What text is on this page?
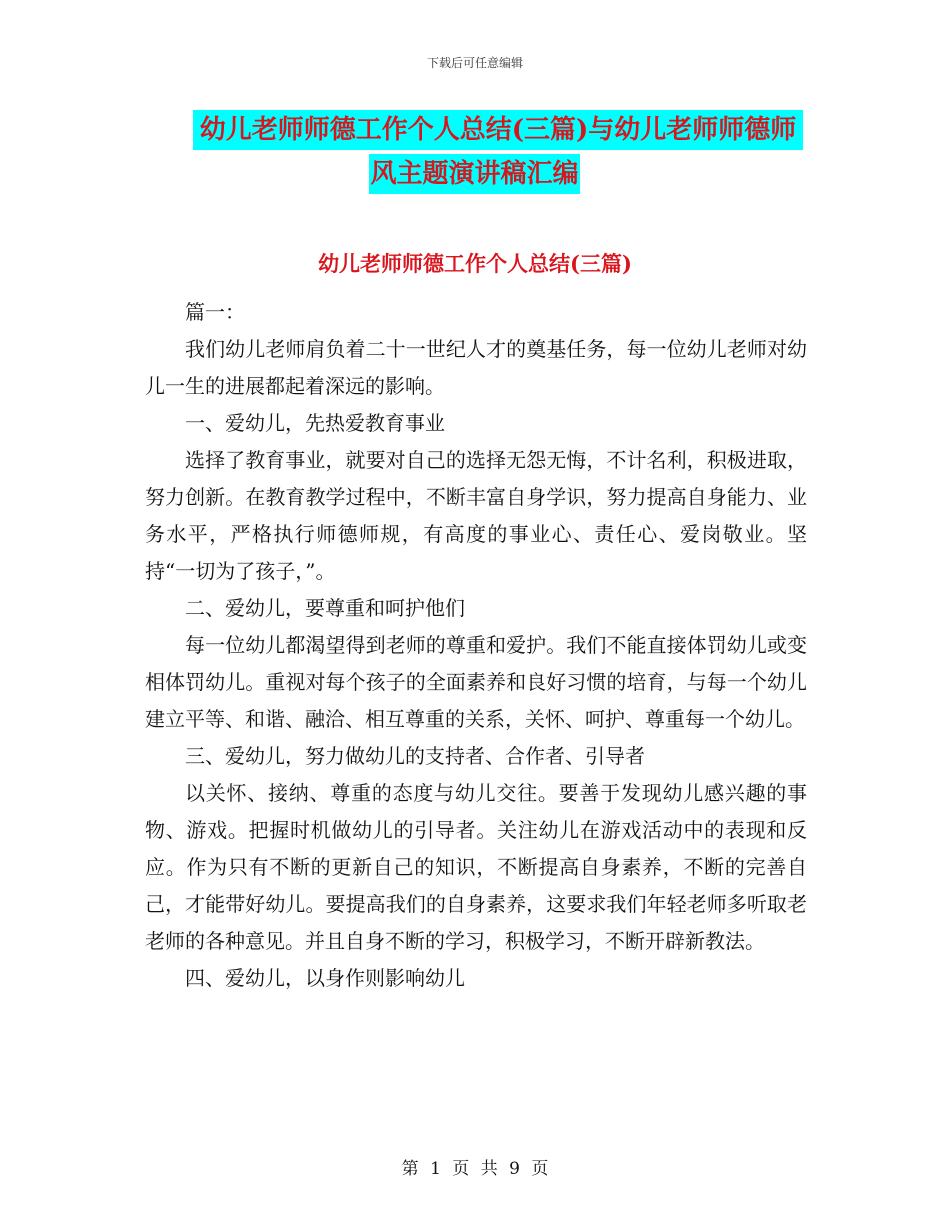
下载后可任意编辑
幼儿老师师德工作个人总结(三篇)与幼儿老师师德师
风主题演讲稿汇编
幼儿老师师德工作个人总结(三篇)

篇一：

我们幼儿老师肩负着二十一世纪人才的奠基任务，每一位幼儿老师对幼儿一生的进展都起着深远的影响。

一、爱幼儿，先热爱教育事业

选择了教育事业，就要对自己的选择无怨无悔，不计名利，积极进取，努力创新。在教育教学过程中，不断丰富自身学识，努力提高自身能力、业务水平，严格执行师德师规，有高度的事业心、责任心、爱岗敬业。坚持“一切为了孩子，”。

二、爱幼儿，要尊重和呵护他们

每一位幼儿都渴望得到老师的尊重和爱护。我们不能直接体罚幼儿或变相体罚幼儿。重视对每个孩子的全面素养和良好习惯的培育，与每一个幼儿建立平等、和谐、融洽、相互尊重的关系，关怀、呵护、尊重每一个幼儿。

三、爱幼儿，努力做幼儿的支持者、合作者、引导者

以关怀、接纳、尊重的态度与幼儿交往。要善于发现幼儿感兴趣的事物、游戏。把握时机做幼儿的引导者。关注幼儿在游戏活动中的表现和反应。作为只有不断的更新自己的知识，不断提高自身素养，不断的完善自己，才能带好幼儿。要提高我们的自身素养，这要求我们年轻老师多听取老老师的各种意见。并且自身不断的学习，积极学习，不断开辟新教法。

四、爱幼儿，以身作则影响幼儿

第 1 页 共 9 页
